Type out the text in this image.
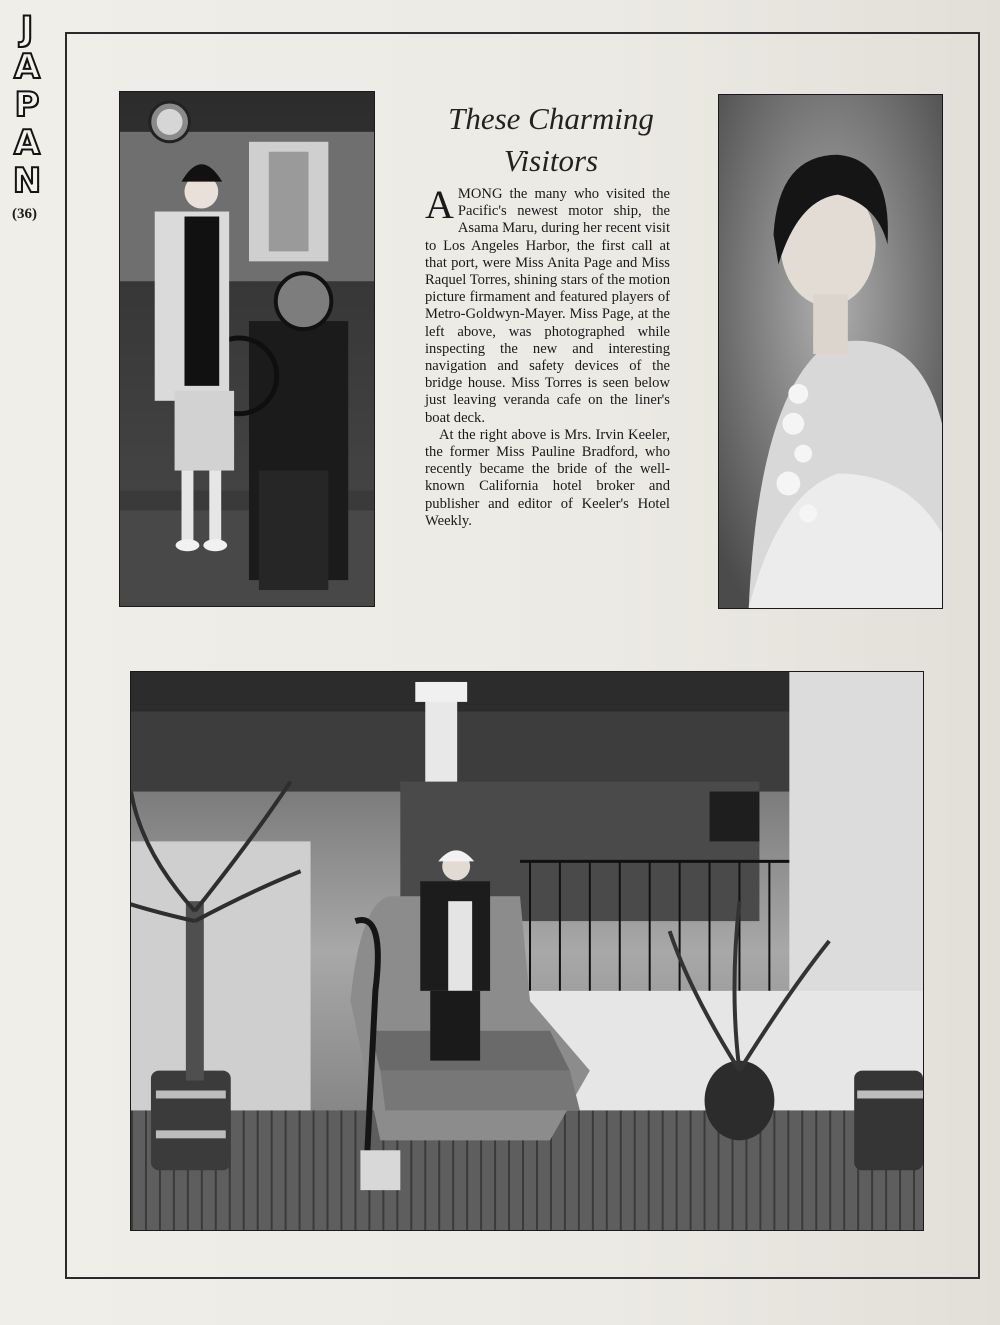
J
A
P
A
N
(36)
These Charming
Visitors

AMONG the many who visited the Pacific's newest motor ship, the Asama Maru, during her recent visit to Los Angeles Harbor, the first call at that port, were Miss Anita Page and Miss Raquel Torres, shining stars of the motion picture firmament and featured players of Metro-Goldwyn-Mayer. Miss Page, at the left above, was photographed while inspecting the new and interesting navigation and safety devices of the bridge house. Miss Torres is seen below just leaving veranda cafe on the liner's boat deck.

At the right above is Mrs. Irvin Keeler, the former Miss Pauline Bradford, who recently became the bride of the well-known California hotel broker and publisher and editor of Keeler's Hotel Weekly.
